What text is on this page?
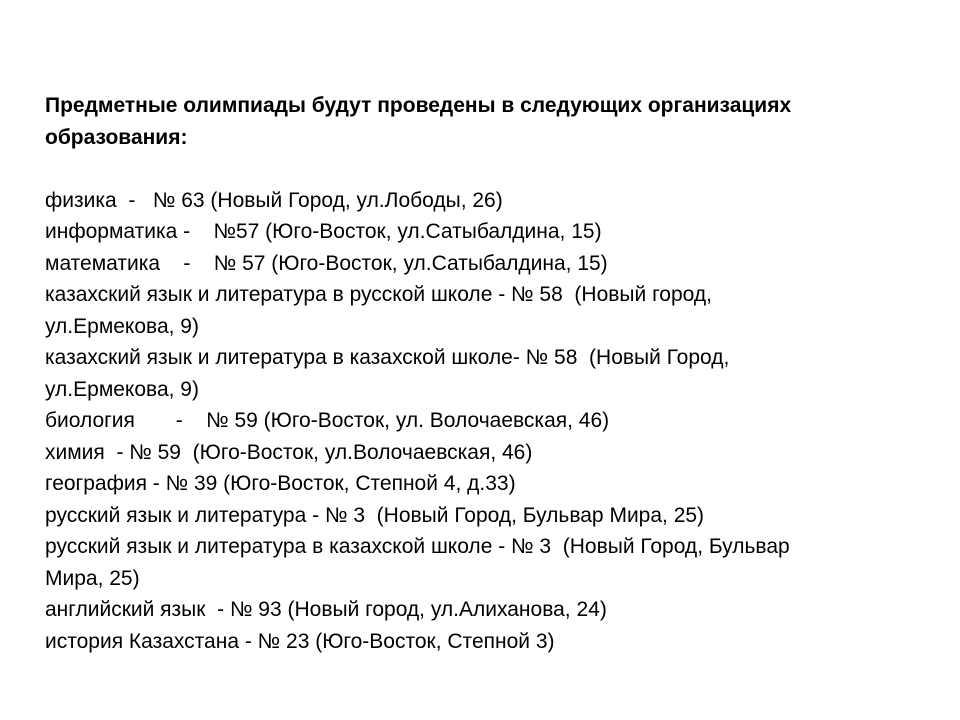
Предметные олимпиады будут проведены в следующих организациях
образования:

физика  -   № 63 (Новый Город, ул.Лободы, 26)
информатика -    №57 (Юго-Восток, ул.Сатыбалдина, 15)
математика    -    № 57 (Юго-Восток, ул.Сатыбалдина, 15)
казахский язык и литература в русской школе - № 58  (Новый город,
ул.Ермекова, 9)
казахский язык и литература в казахской школе- № 58  (Новый Город,
ул.Ермекова, 9)
биология       -    № 59 (Юго-Восток, ул. Волочаевская, 46)
химия  - № 59  (Юго-Восток, ул.Волочаевская, 46)
география - № 39 (Юго-Восток, Степной 4, д.33)
русский язык и литература - № 3  (Новый Город, Бульвар Мира, 25)
русский язык и литература в казахской школе - № 3  (Новый Город, Бульвар
Мира, 25)
английский язык  - № 93 (Новый город, ул.Алиханова, 24)
история Казахстана - № 23 (Юго-Восток, Степной 3)
